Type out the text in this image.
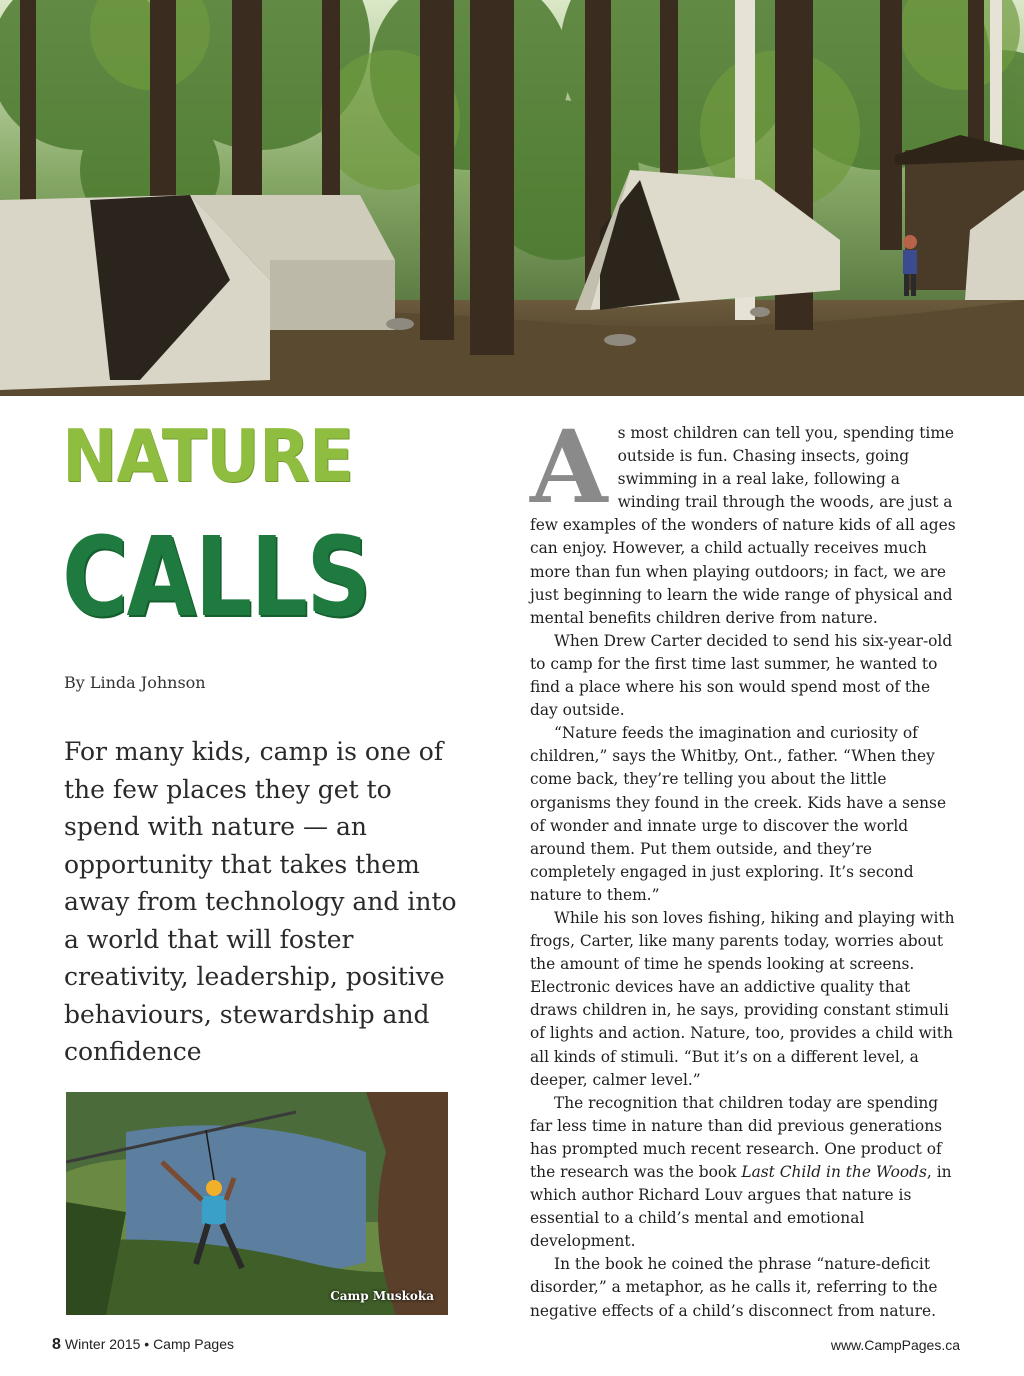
NATURE
CALLS
By Linda Johnson
For many kids, camp is one of the few places they get to spend with nature — an opportunity that takes them away from technology and into a world that will foster creativity, leadership, positive behaviours, stewardship and confidence
Camp Muskoka
A s most children can tell you, spending time outside is fun. Chasing insects, going swimming in a real lake, following a winding trail through the woods, are just a few examples of the wonders of nature kids of all ages can enjoy. However, a child actually receives much more than fun when playing outdoors; in fact, we are just beginning to learn the wide range of physical and mental benefits children derive from nature.

When Drew Carter decided to send his six-year-old to camp for the first time last summer, he wanted to find a place where his son would spend most of the day outside.

“Nature feeds the imagination and curiosity of children,” says the Whitby, Ont., father. “When they come back, they’re telling you about the little organisms they found in the creek. Kids have a sense of wonder and innate urge to discover the world around them. Put them outside, and they’re completely engaged in just exploring. It’s second nature to them.”

While his son loves fishing, hiking and playing with frogs, Carter, like many parents today, worries about the amount of time he spends looking at screens. Electronic devices have an addictive quality that draws children in, he says, providing constant stimuli of lights and action. Nature, too, provides a child with all kinds of stimuli. “But it’s on a different level, a deeper, calmer level.”

The recognition that children today are spending far less time in nature than did previous generations has prompted much recent research. One product of the research was the book Last Child in the Woods, in which author Richard Louv argues that nature is essential to a child’s mental and emotional development.

In the book he coined the phrase “nature-deficit disorder,” a metaphor, as he calls it, referring to the negative effects of a child’s disconnect from nature.

8 Winter 2015 • Camp Pages	www.CampPages.ca
